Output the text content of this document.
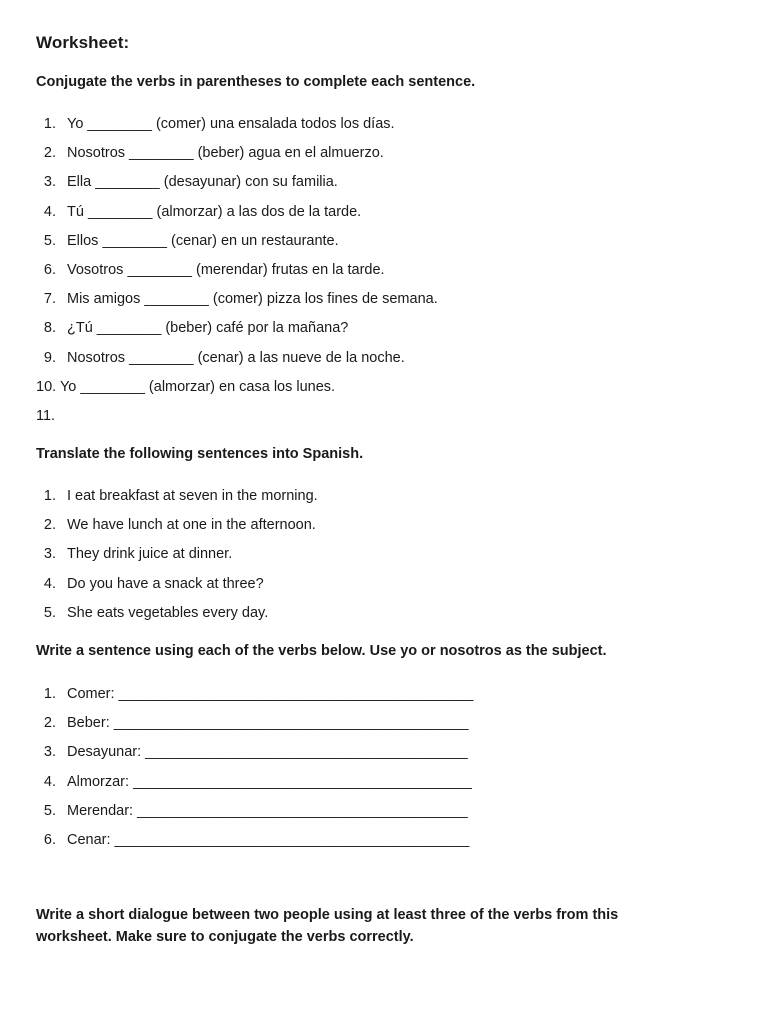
Worksheet:

Conjugate the verbs in parentheses to complete each sentence.

1. Yo ________ (comer) una ensalada todos los días.
2. Nosotros ________ (beber) agua en el almuerzo.
3. Ella ________ (desayunar) con su familia.
4. Tú ________ (almorzar) a las dos de la tarde.
5. Ellos ________ (cenar) en un restaurante.
6. Vosotros ________ (merendar) frutas en la tarde.
7. Mis amigos ________ (comer) pizza los fines de semana.
8. ¿Tú ________ (beber) café por la mañana?
9. Nosotros ________ (cenar) a las nueve de la noche.
10. Yo ________ (almorzar) en casa los lunes.
11.

Translate the following sentences into Spanish.

1. I eat breakfast at seven in the morning.
2. We have lunch at one in the afternoon.
3. They drink juice at dinner.
4. Do you have a snack at three?
5. She eats vegetables every day.

Write a sentence using each of the verbs below. Use yo or nosotros as the subject.

1. Comer: ____________________________________________
2. Beber: ____________________________________________
3. Desayunar: ________________________________________
4. Almorzar: __________________________________________
5. Merendar: _________________________________________
6. Cenar: ____________________________________________

Write a short dialogue between two people using at least three of the verbs from this worksheet. Make sure to conjugate the verbs correctly.
